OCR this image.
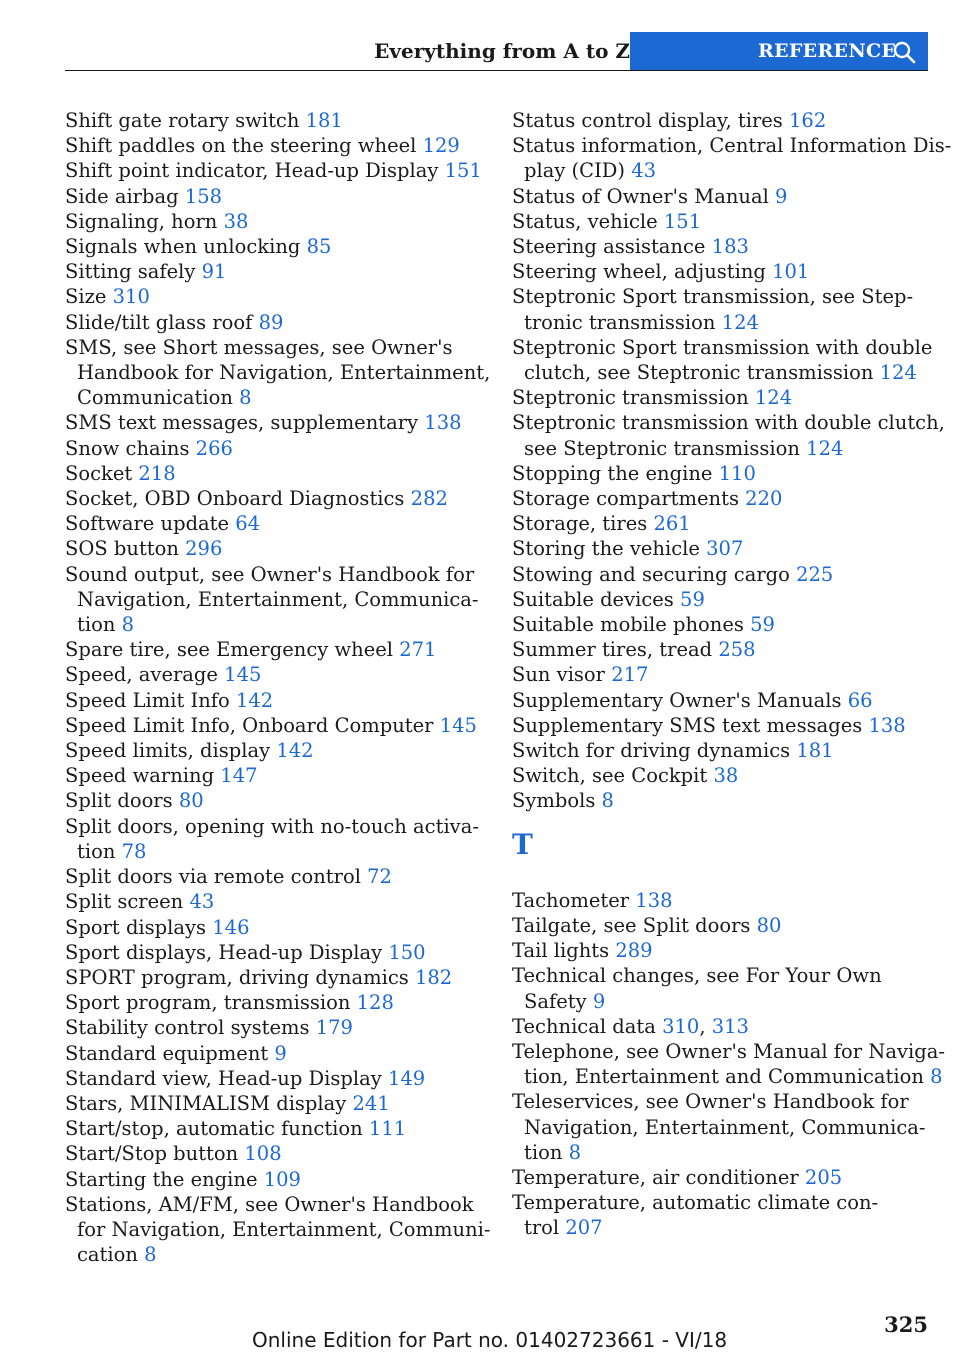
Everything from A to Z	REFERENCE
Shift gate rotary switch 181
Shift paddles on the steering wheel 129
Shift point indicator, Head-up Display 151
Side airbag 158
Signaling, horn 38
Signals when unlocking 85
Sitting safely 91
Size 310
Slide/tilt glass roof 89
SMS, see Short messages, see Owner's
Handbook for Navigation, Entertainment,
Communication 8
SMS text messages, supplementary 138
Snow chains 266
Socket 218
Socket, OBD Onboard Diagnostics 282
Software update 64
SOS button 296
Sound output, see Owner's Handbook for
Navigation, Entertainment, Communica-
tion 8
Spare tire, see Emergency wheel 271
Speed, average 145
Speed Limit Info 142
Speed Limit Info, Onboard Computer 145
Speed limits, display 142
Speed warning 147
Split doors 80
Split doors, opening with no-touch activa-
tion 78
Split doors via remote control 72
Split screen 43
Sport displays 146
Sport displays, Head-up Display 150
SPORT program, driving dynamics 182
Sport program, transmission 128
Stability control systems 179
Standard equipment 9
Standard view, Head-up Display 149
Stars, MINIMALISM display 241
Start/stop, automatic function 111
Start/Stop button 108
Starting the engine 109
Stations, AM/FM, see Owner's Handbook
for Navigation, Entertainment, Communi-
cation 8
Status control display, tires 162
Status information, Central Information Dis-
play (CID) 43
Status of Owner's Manual 9
Status, vehicle 151
Steering assistance 183
Steering wheel, adjusting 101
Steptronic Sport transmission, see Step-
tronic transmission 124
Steptronic Sport transmission with double
clutch, see Steptronic transmission 124
Steptronic transmission 124
Steptronic transmission with double clutch,
see Steptronic transmission 124
Stopping the engine 110
Storage compartments 220
Storage, tires 261
Storing the vehicle 307
Stowing and securing cargo 225
Suitable devices 59
Suitable mobile phones 59
Summer tires, tread 258
Sun visor 217
Supplementary Owner's Manuals 66
Supplementary SMS text messages 138
Switch for driving dynamics 181
Switch, see Cockpit 38
Symbols 8
T
Tachometer 138
Tailgate, see Split doors 80
Tail lights 289
Technical changes, see For Your Own
Safety 9
Technical data 310, 313
Telephone, see Owner's Manual for Naviga-
tion, Entertainment and Communication 8
Teleservices, see Owner's Handbook for
Navigation, Entertainment, Communica-
tion 8
Temperature, air conditioner 205
Temperature, automatic climate con-
trol 207
325
Online Edition for Part no. 01402723661 - VI/18
